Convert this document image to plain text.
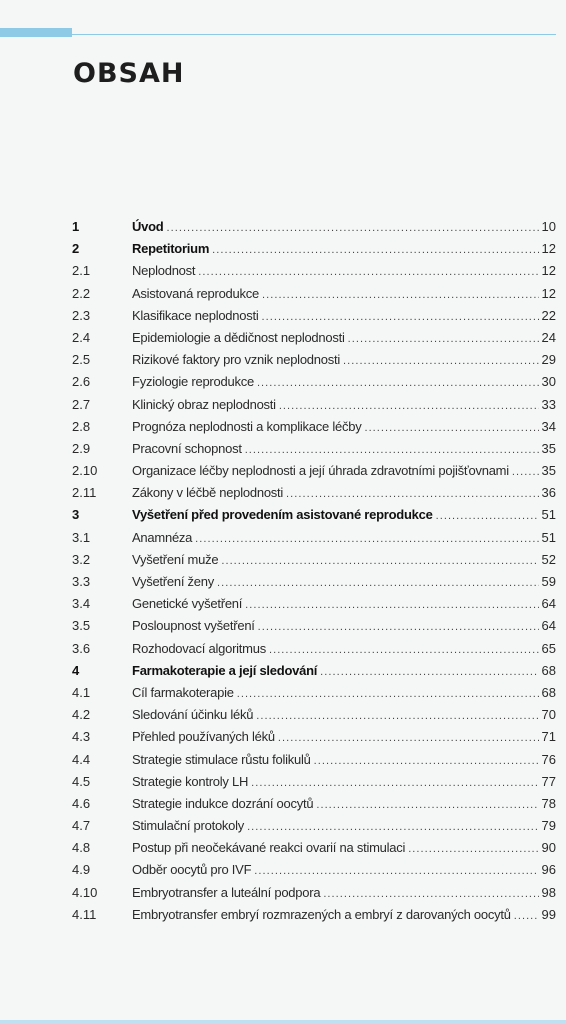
OBSAH
1	Úvod . . .	10
2	Repetitorium . . .	12
2.1	Neplodnost . . .	12
2.2	Asistovaná reprodukce . . .	12
2.3	Klasifikace neplodnosti . . .	22
2.4	Epidemiologie a dědičnost neplodnosti . . .	24
2.5	Rizikové faktory pro vznik neplodnosti . . .	29
2.6	Fyziologie reprodukce . . .	30
2.7	Klinický obraz neplodnosti . . .	33
2.8	Prognóza neplodnosti a komplikace léčby . . .	34
2.9	Pracovní schopnost . . .	35
2.10	Organizace léčby neplodnosti a její úhrada zdravotními pojišťovnami . . .	35
2.11	Zákony v léčbě neplodnosti . . .	36
3	Vyšetření před provedením asistované reprodukce . . .	51
3.1	Anamnéza . . .	51
3.2	Vyšetření muže . . .	52
3.3	Vyšetření ženy . . .	59
3.4	Genetické vyšetření . . .	64
3.5	Posloupnost vyšetření . . .	64
3.6	Rozhodovací algoritmus . . .	65
4	Farmakoterapie a její sledování . . .	68
4.1	Cíl farmakoterapie . . .	68
4.2	Sledování účinku léků . . .	70
4.3	Přehled používaných léků . . .	71
4.4	Strategie stimulace růstu folikulů . . .	76
4.5	Strategie kontroly LH . . .	77
4.6	Strategie indukce dozrání oocytů . . .	78
4.7	Stimulační protokoly . . .	79
4.8	Postup při neočekávané reakci ovarií na stimulaci . . .	90
4.9	Odběr oocytů pro IVF . . .	96
4.10	Embryotransfer a luteální podpora . . .	98
4.11	Embryotransfer embryí rozmrazených a embryí z darovaných oocytů . . . 99
